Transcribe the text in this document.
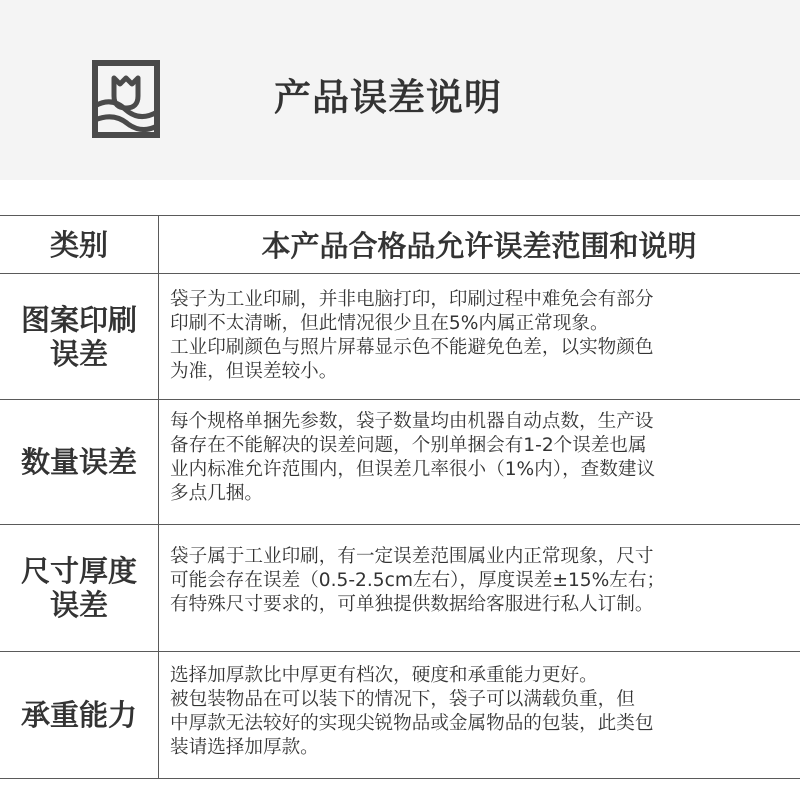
产品误差说明
类别	本产品合格品允许误差范围和说明
图案印刷
误差
袋子为工业印刷，并非电脑打印，印刷过程中难免会有部分
印刷不太清晰，但此情况很少且在5%内属正常现象。
工业印刷颜色与照片屏幕显示色不能避免色差，以实物颜色
为准，但误差较小。
数量误差
每个规格单捆先参数，袋子数量均由机器自动点数，生产设
备存在不能解决的误差问题，个别单捆会有1-2个误差也属
业内标准允许范围内，但误差几率很小（1%内），查数建议
多点几捆。
尺寸厚度
误差
袋子属于工业印刷，有一定误差范围属业内正常现象，尺寸
可能会存在误差（0.5-2.5cm左右），厚度误差±15%左右；
有特殊尺寸要求的，可单独提供数据给客服进行私人订制。
承重能力
选择加厚款比中厚更有档次，硬度和承重能力更好。
被包装物品在可以装下的情况下，袋子可以满载负重，但
中厚款无法较好的实现尖锐物品或金属物品的包装，此类包
装请选择加厚款。
